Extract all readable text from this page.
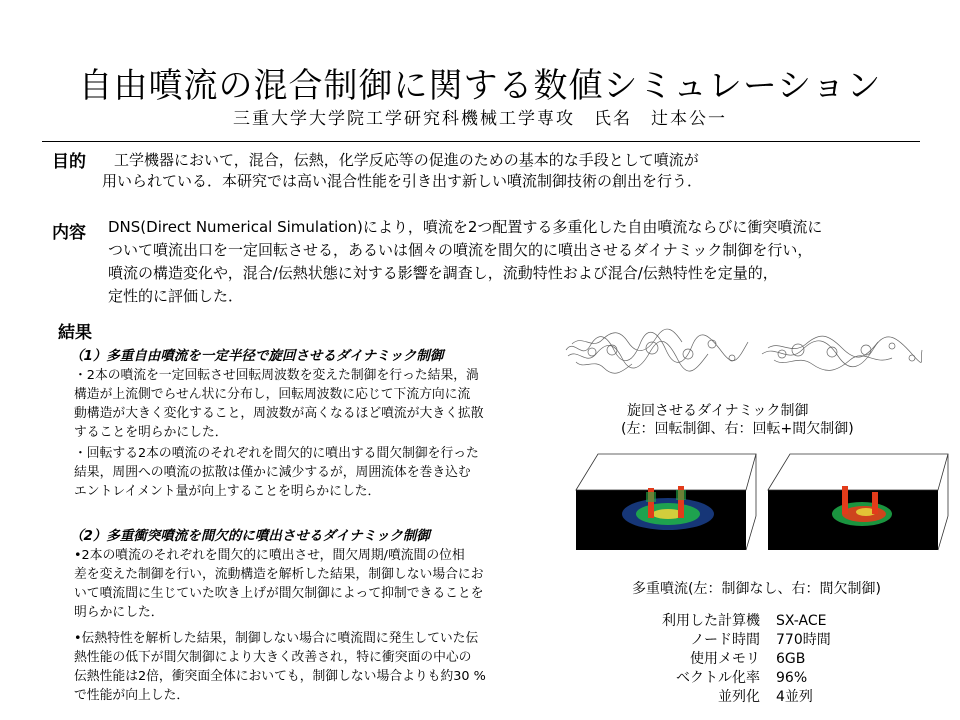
自由噴流の混合制御に関する数値シミュレーション
三重大学大学院工学研究科機械工学専攻　氏名　辻本公一
目的 工学機器において，混合，伝熱，化学反応等の促進のための基本的な手段として噴流が
用いられている．本研究では高い混合性能を引き出す新しい噴流制御技術の創出を行う．
内容 DNS(Direct Numerical Simulation)により，噴流を2つ配置する多重化した自由噴流ならびに衝突噴流に
ついて噴流出口を一定回転させる，あるいは個々の噴流を間欠的に噴出させるダイナミック制御を行い，
噴流の構造変化や，混合/伝熱状態に対する影響を調査し，流動特性および混合/伝熱特性を定量的，
定性的に評価した．
結果
（1）多重自由噴流を一定半径で旋回させるダイナミック制御
・2本の噴流を一定回転させ回転周波数を変えた制御を行った結果，渦
構造が上流側でらせん状に分布し，回転周波数に応じて下流方向に流
動構造が大きく変化すること，周波数が高くなるほど噴流が大きく拡散
することを明らかにした．
・回転する2本の噴流のそれぞれを間欠的に噴出する間欠制御を行った
結果，周囲への噴流の拡散は僅かに減少するが，周囲流体を巻き込む
エントレイメント量が向上することを明らかにした．
（2）多重衝突噴流を間欠的に噴出させるダイナミック制御
•2本の噴流のそれぞれを間欠的に噴出させ，間欠周期/噴流間の位相
差を変えた制御を行い，流動構造を解析した結果，制御しない場合にお
いて噴流間に生じていた吹き上げが間欠制御によって抑制できることを
明らかにした．
•伝熱特性を解析した結果，制御しない場合に噴流間に発生していた伝
熱性能の低下が間欠制御により大きく改善され，特に衝突面の中心の
伝熱性能は2倍，衝突面全体においても，制御しない場合よりも約30 %
で性能が向上した．
旋回させるダイナミック制御
(左：回転制御、右：回転+間欠制御)
多重噴流(左：制御なし、右：間欠制御)
利用した計算機	SX-ACE
ノード時間	770時間
使用メモリ	6GB
ベクトル化率	96%
並列化	4並列
